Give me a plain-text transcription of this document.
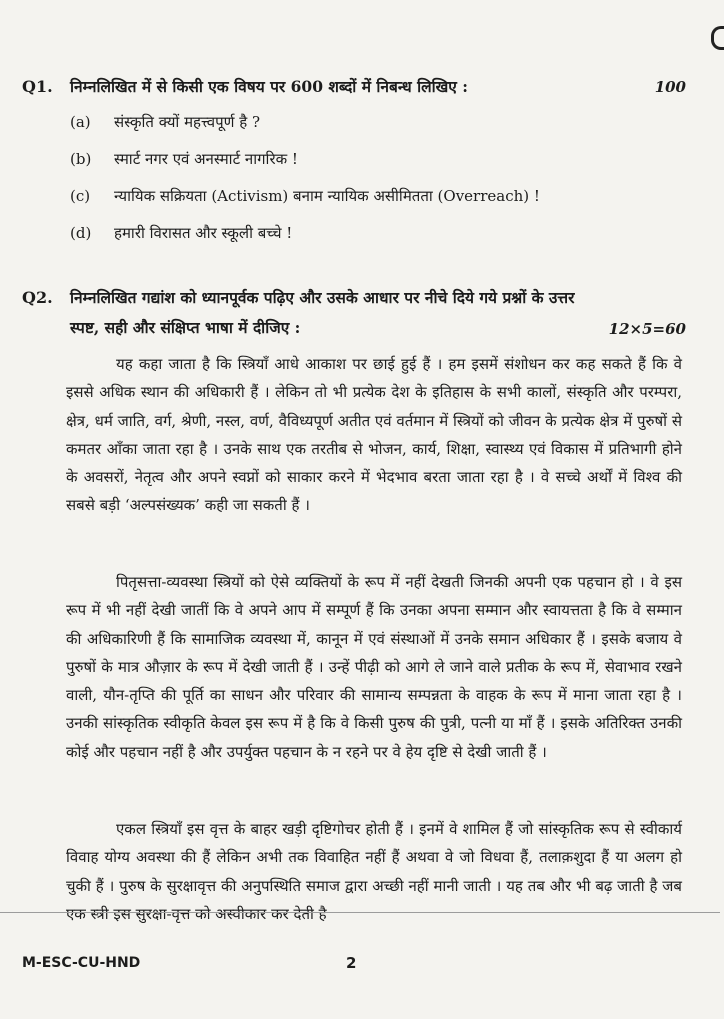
Q1. निम्नलिखित में से किसी एक विषय पर 600 शब्दों में निबन्ध लिखिए :	100
(a) संस्कृति क्यों महत्त्वपूर्ण है ?
(b) स्मार्ट नगर एवं अनस्मार्ट नागरिक !
(c) न्यायिक सक्रियता (Activism) बनाम न्यायिक असीमितता (Overreach) !
(d) हमारी विरासत और स्कूली बच्चे !
Q2. निम्नलिखित गद्यांश को ध्यानपूर्वक पढ़िए और उसके आधार पर नीचे दिये गये प्रश्नों के उत्तर स्पष्ट, सही और संक्षिप्त भाषा में दीजिए :	12×5=60

यह कहा जाता है कि स्त्रियाँ आधे आकाश पर छाई हुई हैं । हम इसमें संशोधन कर कह सकते हैं कि वे इससे अधिक स्थान की अधिकारी हैं । लेकिन तो भी प्रत्येक देश के इतिहास के सभी कालों, संस्कृति और परम्परा, क्षेत्र, धर्म जाति, वर्ग, श्रेणी, नस्ल, वर्ण, वैविध्यपूर्ण अतीत एवं वर्तमान में स्त्रियों को जीवन के प्रत्येक क्षेत्र में पुरुषों से कमतर आँका जाता रहा है । उनके साथ एक तरतीब से भोजन, कार्य, शिक्षा, स्वास्थ्य एवं विकास में प्रतिभागी होने के अवसरों, नेतृत्व और अपने स्वप्नों को साकार करने में भेदभाव बरता जाता रहा है । वे सच्चे अर्थों में विश्व की सबसे बड़ी ‘अल्पसंख्यक’ कही जा सकती हैं ।

पितृसत्ता-व्यवस्था स्त्रियों को ऐसे व्यक्तियों के रूप में नहीं देखती जिनकी अपनी एक पहचान हो । वे इस रूप में भी नहीं देखी जातीं कि वे अपने आप में सम्पूर्ण हैं कि उनका अपना सम्मान और स्वायत्तता है कि वे सम्मान की अधिकारिणी हैं कि सामाजिक व्यवस्था में, कानून में एवं संस्थाओं में उनके समान अधिकार हैं । इसके बजाय वे पुरुषों के मात्र औज़ार के रूप में देखी जाती हैं । उन्हें पीढ़ी को आगे ले जाने वाले प्रतीक के रूप में, सेवाभाव रखने वाली, यौन-तृप्ति की पूर्ति का साधन और परिवार की सामान्य सम्पन्नता के वाहक के रूप में माना जाता रहा है । उनकी सांस्कृतिक स्वीकृति केवल इस रूप में है कि वे किसी पुरुष की पुत्री, पत्नी या माँ हैं । इसके अतिरिक्त उनकी कोई और पहचान नहीं है और उपर्युक्त पहचान के न रहने पर वे हेय दृष्टि से देखी जाती हैं ।

एकल स्त्रियाँ इस वृत्त के बाहर खड़ी दृष्टिगोचर होती हैं । इनमें वे शामिल हैं जो सांस्कृतिक रूप से स्वीकार्य विवाह योग्य अवस्था की हैं लेकिन अभी तक विवाहित नहीं हैं अथवा वे जो विधवा हैं, तलाक़शुदा हैं या अलग हो चुकी हैं । पुरुष के सुरक्षावृत्त की अनुपस्थिति समाज द्वारा अच्छी नहीं मानी जाती । यह तब और भी बढ़ जाती है जब एक स्त्री इस सुरक्षा-वृत्त को अस्वीकार कर देती है

M-ESC-CU-HND	2
